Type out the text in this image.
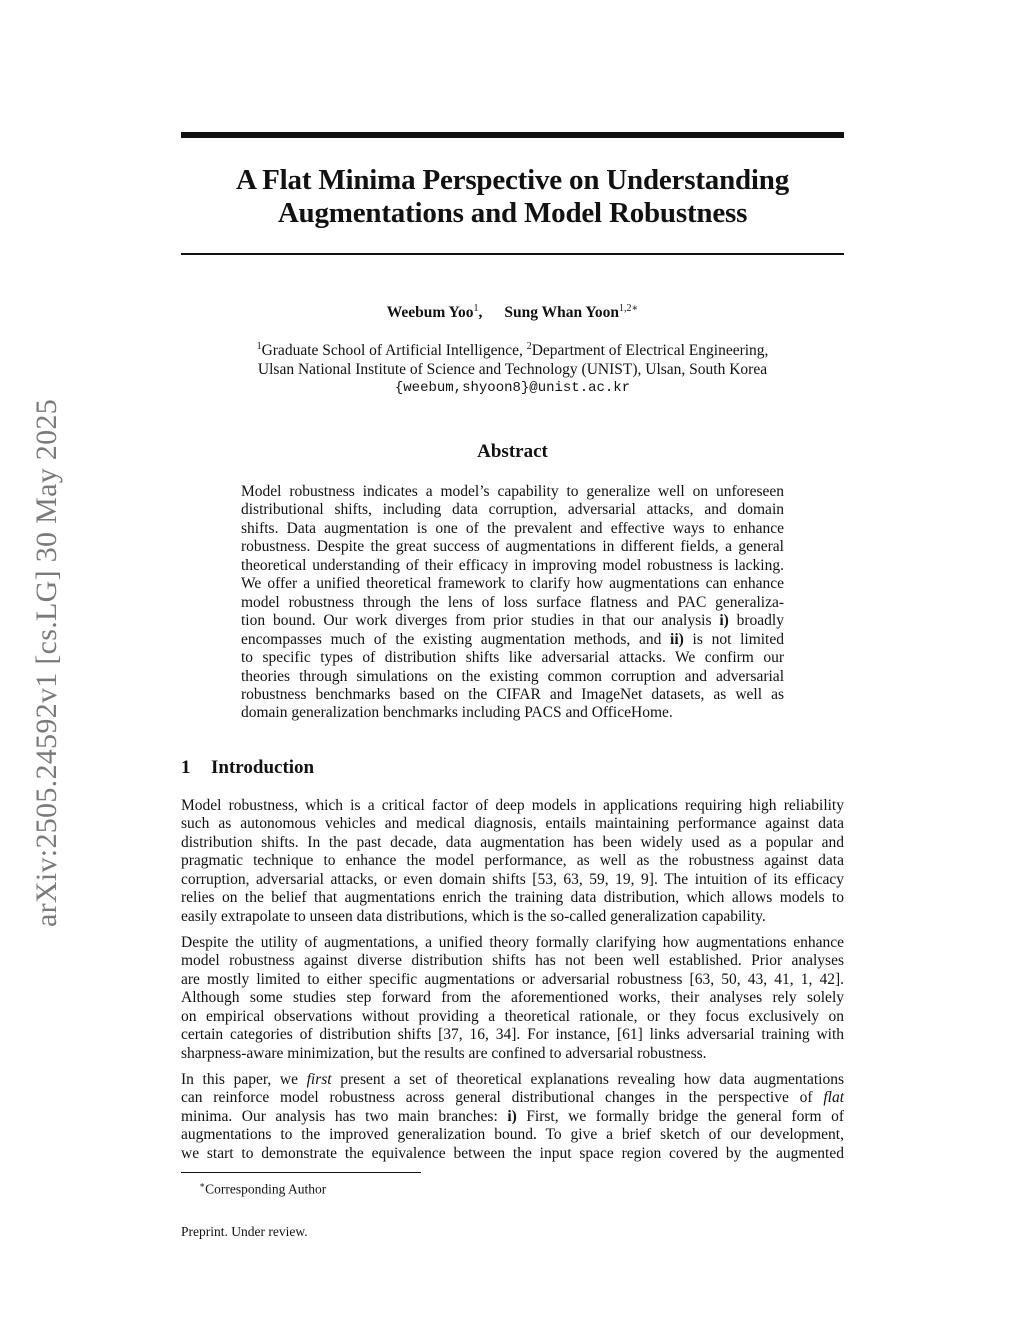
arXiv:2505.24592v1 [cs.LG] 30 May 2025
A Flat Minima Perspective on Understanding
Augmentations and Model Robustness
Weebum Yoo$^1$, Sung Whan Yoon$^{1,2∗}$
$^1$Graduate School of Artificial Intelligence, $^2$Department of Electrical Engineering,
Ulsan National Institute of Science and Technology (UNIST), Ulsan, South Korea
{weebum,shyoon8}@unist.ac.kr
Abstract
Model robustness indicates a model’s capability to generalize well on unforeseen
distributional shifts, including data corruption, adversarial attacks, and domain
shifts. Data augmentation is one of the prevalent and effective ways to enhance
robustness. Despite the great success of augmentations in different fields, a general
theoretical understanding of their efficacy in improving model robustness is lacking.
We offer a unified theoretical framework to clarify how augmentations can enhance
model robustness through the lens of loss surface flatness and PAC generaliza-
tion bound. Our work diverges from prior studies in that our analysis i) broadly
encompasses much of the existing augmentation methods, and ii) is not limited
to specific types of distribution shifts like adversarial attacks. We confirm our
theories through simulations on the existing common corruption and adversarial
robustness benchmarks based on the CIFAR and ImageNet datasets, as well as
domain generalization benchmarks including PACS and OfficeHome.
1 Introduction
Model robustness, which is a critical factor of deep models in applications requiring high reliability
such as autonomous vehicles and medical diagnosis, entails maintaining performance against data
distribution shifts. In the past decade, data augmentation has been widely used as a popular and
pragmatic technique to enhance the model performance, as well as the robustness against data
corruption, adversarial attacks, or even domain shifts [53, 63, 59, 19, 9]. The intuition of its efficacy
relies on the belief that augmentations enrich the training data distribution, which allows models to
easily extrapolate to unseen data distributions, which is the so-called generalization capability.
Despite the utility of augmentations, a unified theory formally clarifying how augmentations enhance
model robustness against diverse distribution shifts has not been well established. Prior analyses
are mostly limited to either specific augmentations or adversarial robustness [63, 50, 43, 41, 1, 42].
Although some studies step forward from the aforementioned works, their analyses rely solely
on empirical observations without providing a theoretical rationale, or they focus exclusively on
certain categories of distribution shifts [37, 16, 34]. For instance, [61] links adversarial training with
sharpness-aware minimization, but the results are confined to adversarial robustness.
In this paper, we first present a set of theoretical explanations revealing how data augmentations
can reinforce model robustness across general distributional changes in the perspective of flat
minima. Our analysis has two main branches: i) First, we formally bridge the general form of
augmentations to the improved generalization bound. To give a brief sketch of our development,
we start to demonstrate the equivalence between the input space region covered by the augmented
∗Corresponding Author
Preprint. Under review.
